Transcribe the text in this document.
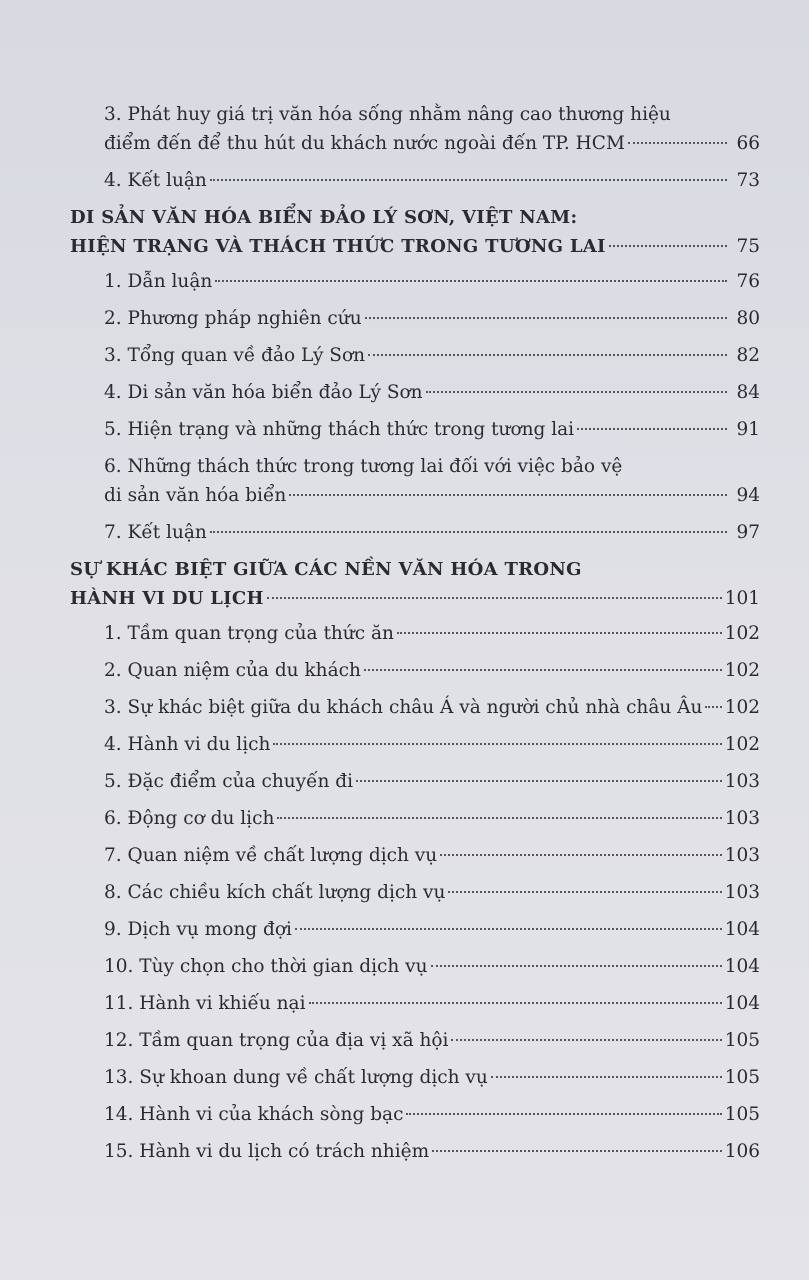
3. Phát huy giá trị văn hóa sống nhằm nâng cao thương hiệu
điểm đến để thu hút du khách nước ngoài đến TP. HCM	66
4. Kết luận	73
DI SẢN VĂN HÓA BIỂN ĐẢO LÝ SƠN, VIỆT NAM:
HIỆN TRẠNG VÀ THÁCH THỨC TRONG TƯƠNG LAI	75
1. Dẫn luận	76
2. Phương pháp nghiên cứu	80
3. Tổng quan về đảo Lý Sơn	82
4. Di sản văn hóa biển đảo Lý Sơn	84
5. Hiện trạng và những thách thức trong tương lai	91
6. Những thách thức trong tương lai đối với việc bảo vệ
di sản văn hóa biển	94
7. Kết luận	97
SỰ KHÁC BIỆT GIỮA CÁC NỀN VĂN HÓA TRONG
HÀNH VI DU LỊCH	101
1. Tầm quan trọng của thức ăn	102
2. Quan niệm của du khách	102
3. Sự khác biệt giữa du khách châu Á và người chủ nhà châu Âu 102
4. Hành vi du lịch	102
5. Đặc điểm của chuyến đi	103
6. Động cơ du lịch	103
7. Quan niệm về chất lượng dịch vụ	103
8. Các chiều kích chất lượng dịch vụ	103
9. Dịch vụ mong đợi	104
10. Tùy chọn cho thời gian dịch vụ	104
11. Hành vi khiếu nại	104
12. Tầm quan trọng của địa vị xã hội	105
13. Sự khoan dung về chất lượng dịch vụ	105
14. Hành vi của khách sòng bạc	105
15. Hành vi du lịch có trách nhiệm	106
